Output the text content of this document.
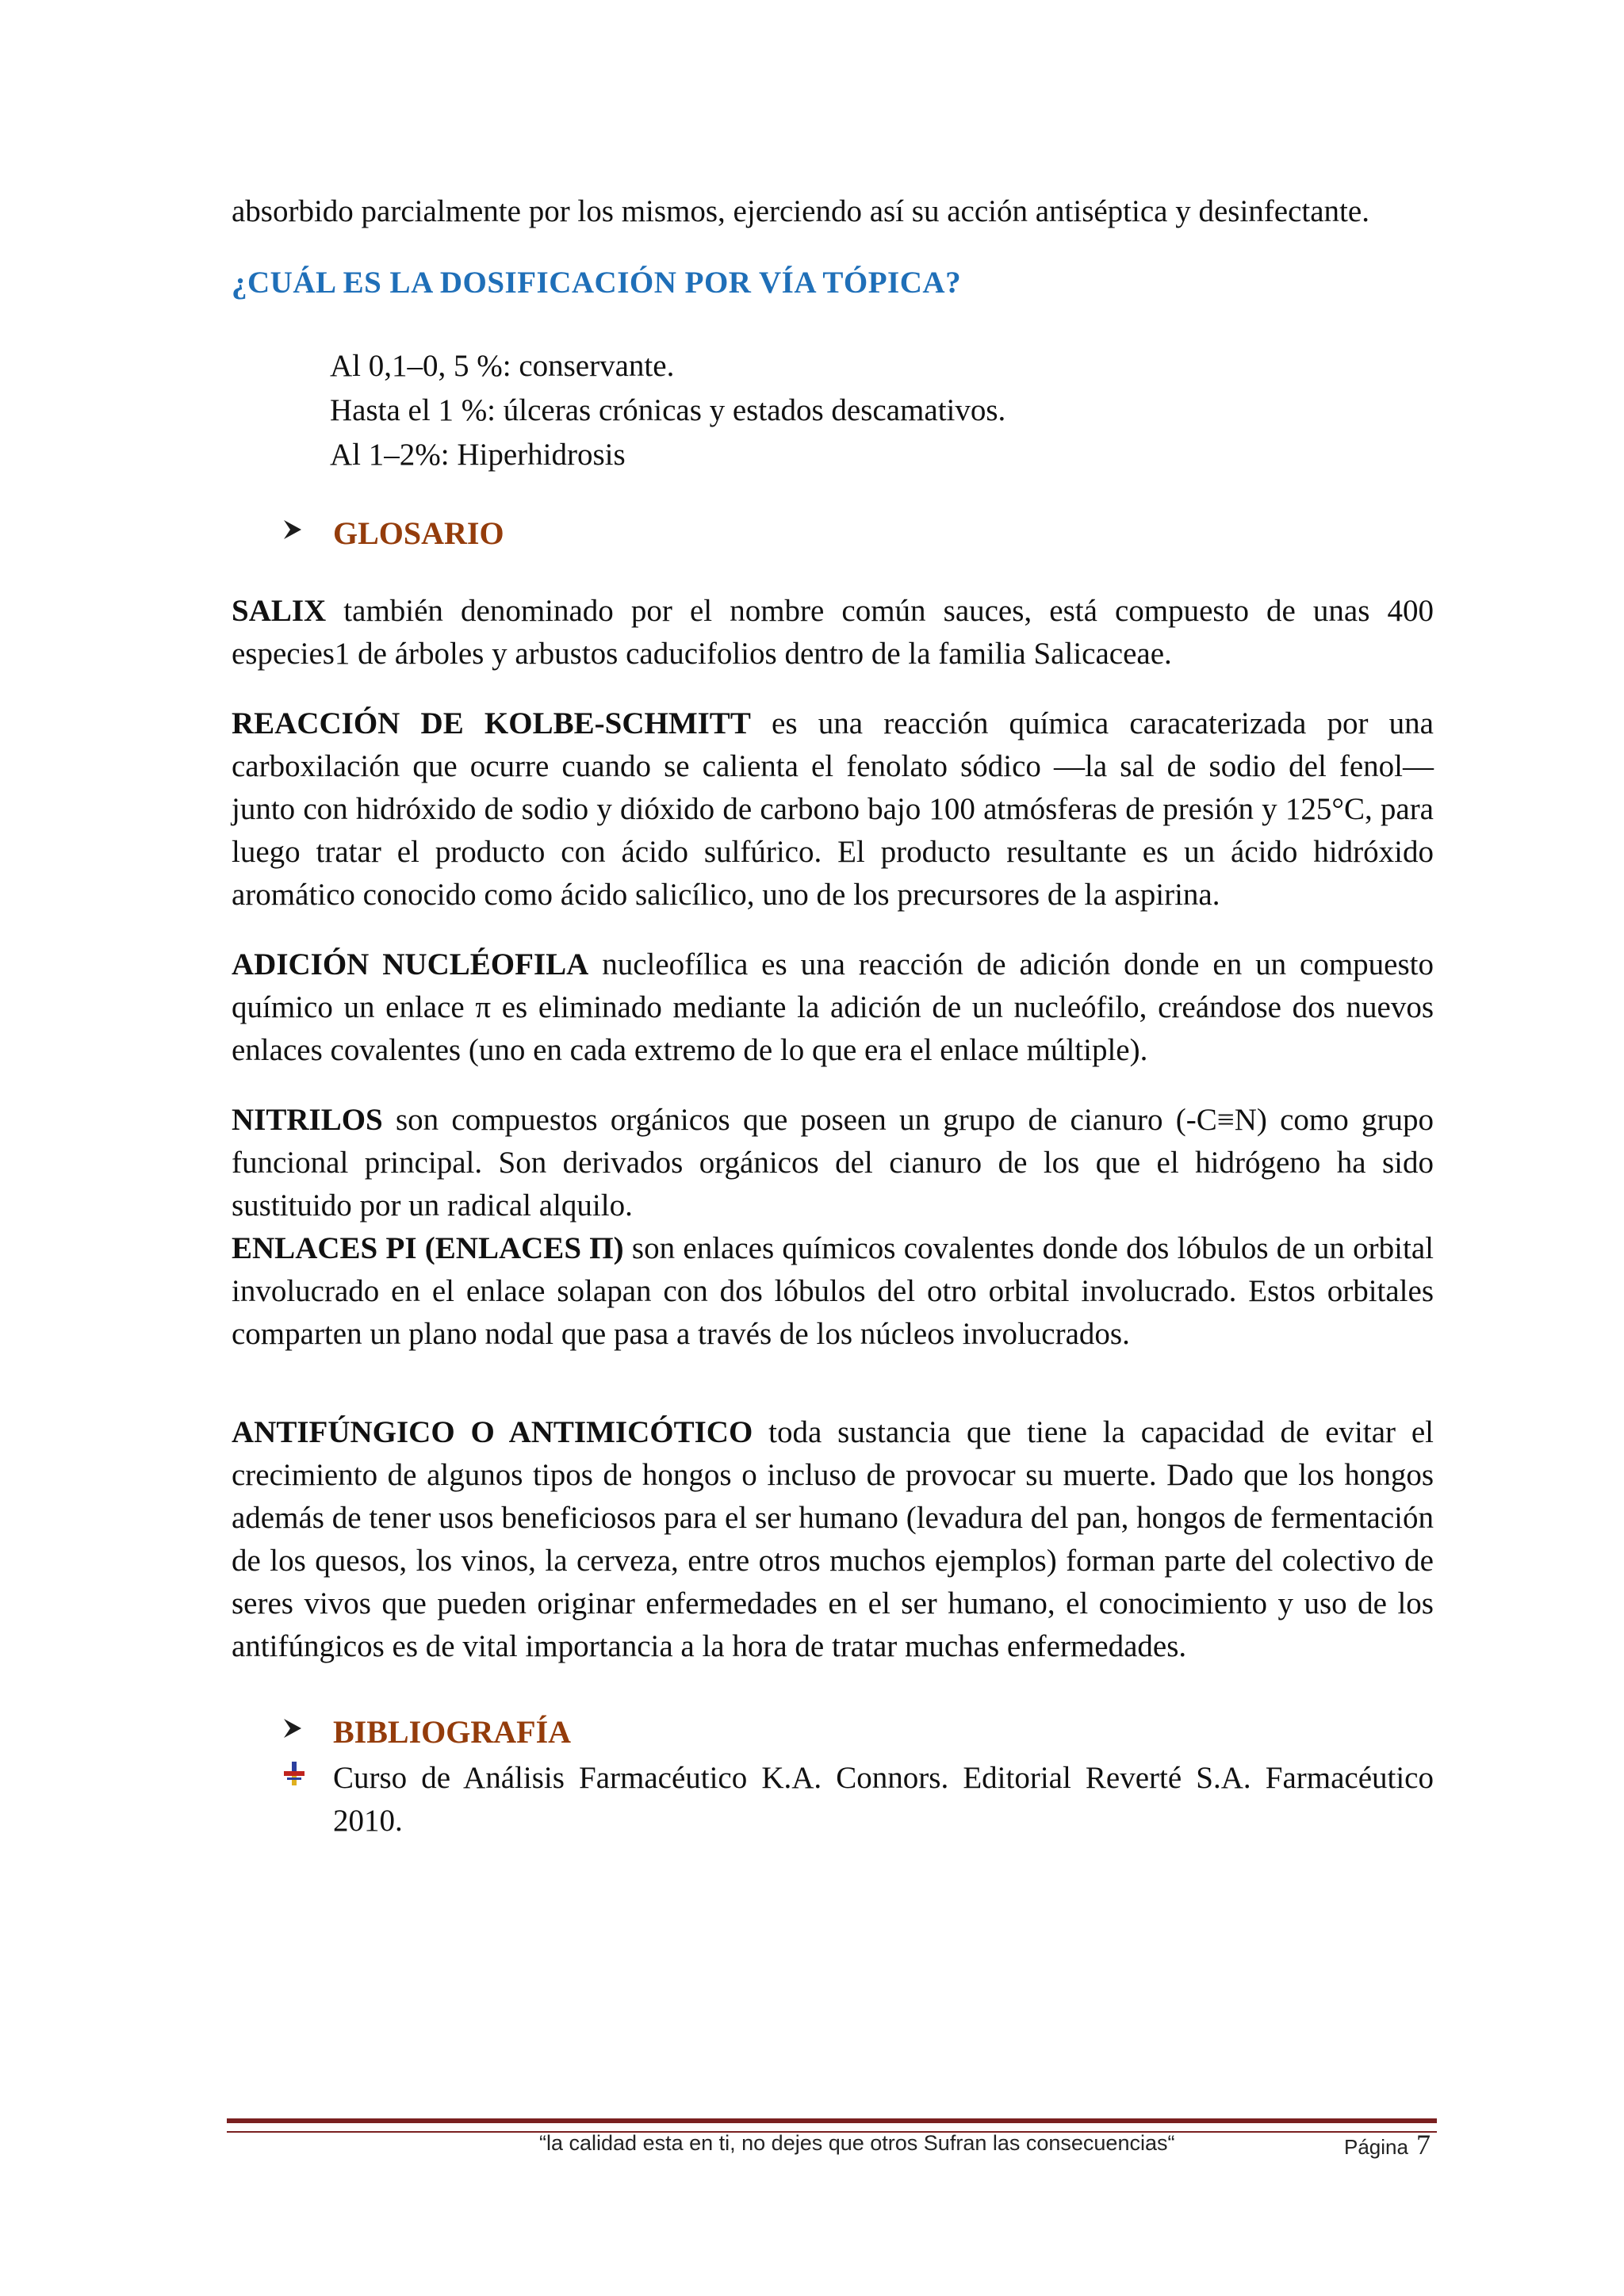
absorbido parcialmente por los mismos, ejerciendo así su acción antiséptica y desinfectante.

¿CUÁL ES LA DOSIFICACIÓN POR VÍA TÓPICA?
Al 0,1–0, 5 %: conservante.
Hasta el 1 %: úlceras crónicas y estados descamativos.
Al 1–2%: Hiperhidrosis
GLOSARIO

SALIX también denominado por el nombre común sauces, está compuesto de unas 400 especies1 de árboles y arbustos caducifolios dentro de la familia Salicaceae.

REACCIÓN DE KOLBE-SCHMITT es una reacción química caracaterizada por una carboxilación que ocurre cuando se calienta el fenolato sódico —la sal de sodio del fenol— junto con hidróxido de sodio y dióxido de carbono bajo 100 atmósferas de presión y 125°C, para luego tratar el producto con ácido sulfúrico. El producto resultante es un ácido hidróxido aromático conocido como ácido salicílico, uno de los precursores de la aspirina.

ADICIÓN NUCLÉOFILA nucleofílica es una reacción de adición donde en un compuesto químico un enlace π es eliminado mediante la adición de un nucleófilo, creándose dos nuevos enlaces covalentes (uno en cada extremo de lo que era el enlace múltiple).

NITRILOS son compuestos orgánicos que poseen un grupo de cianuro (-C≡N) como grupo funcional principal. Son derivados orgánicos del cianuro de los que el hidrógeno ha sido sustituido por un radical alquilo.

ENLACES PI (ENLACES Π) son enlaces químicos covalentes donde dos lóbulos de un orbital involucrado en el enlace solapan con dos lóbulos del otro orbital involucrado. Estos orbitales comparten un plano nodal que pasa a través de los núcleos involucrados.

ANTIFÚNGICO O ANTIMICÓTICO toda sustancia que tiene la capacidad de evitar el crecimiento de algunos tipos de hongos o incluso de provocar su muerte. Dado que los hongos además de tener usos beneficiosos para el ser humano (levadura del pan, hongos de fermentación de los quesos, los vinos, la cerveza, entre otros muchos ejemplos) forman parte del colectivo de seres vivos que pueden originar enfermedades en el ser humano, el conocimiento y uso de los antifúngicos es de vital importancia a la hora de tratar muchas enfermedades.

BIBLIOGRAFÍA
Curso de Análisis Farmacéutico K.A. Connors. Editorial Reverté S.A. Farmacéutico 2010.
“la calidad esta en ti, no dejes que otros Sufran las consecuencias“	Página 7
